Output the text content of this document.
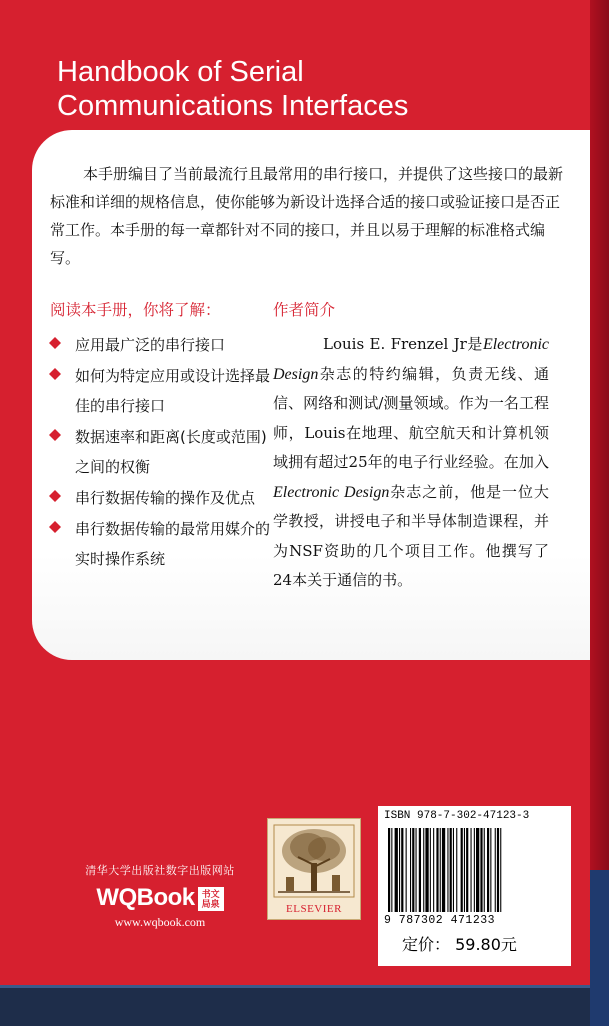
Handbook of Serial
Communications Interfaces

本手册编目了当前最流行且最常用的串行接口，并提供了这些接口的最新标准和详细的规格信息，使你能够为新设计选择合适的接口或验证接口是否正常工作。本手册的每一章都针对不同的接口，并且以易于理解的标准格式编写。

阅读本手册，你将了解：
应用最广泛的串行接口
如何为特定应用或设计选择最佳的串行接口
数据速率和距离(长度或范围)之间的权衡
串行数据传输的操作及优点
串行数据传输的最常用媒介的实时操作系统
作者简介

Louis E. Frenzel Jr是Electronic Design杂志的特约编辑，负责无线、通信、网络和测试/测量领域。作为一名工程师，Louis在地理、航空航天和计算机领域拥有超过25年的电子行业经验。在加入Electronic Design杂志之前，他是一位大学教授，讲授电子和半导体制造课程，并为NSF资助的几个项目工作。他撰写了24本关于通信的书。

清华大学出版社数字出版网站
WQBook 书文局泉
www.wqbook.com
ELSEVIER
ISBN 978-7-302-47123-3
9 787302 471233
定价： 59.80元
